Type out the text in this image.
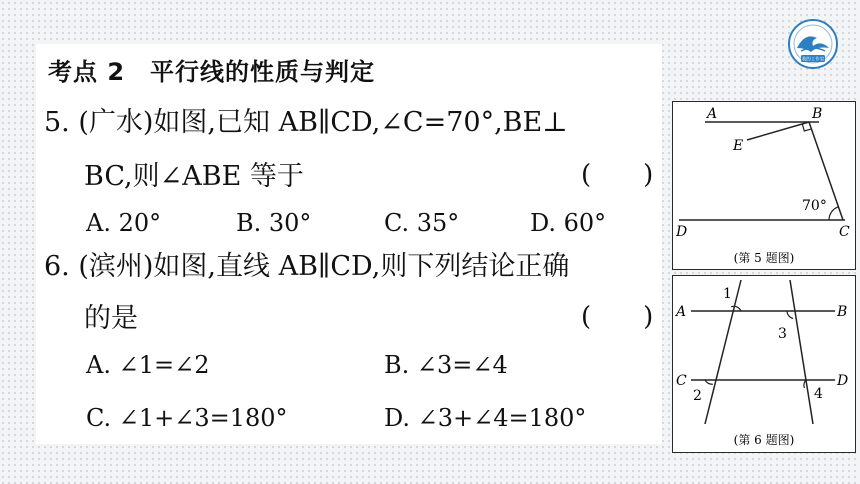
考点 2　平行线的性质与判定
5. (广水)如图,已知 AB∥CD,∠C=70°,BE⊥
BC,则∠ABE 等于	(　　)
A. 20°	B. 30°	C. 35°	D. 60°
6. (滨州)如图,直线 AB∥CD,则下列结论正确
的是	(　　)
A. ∠1=∠2	B. ∠3=∠4
C. ∠1+∠3=180°	D. ∠3+∠4=180°
A	B
E
70°
D	C
(第 5 题图)
A	B
C	D
1
3
2	4
(第 6 题图)
我的工作室
